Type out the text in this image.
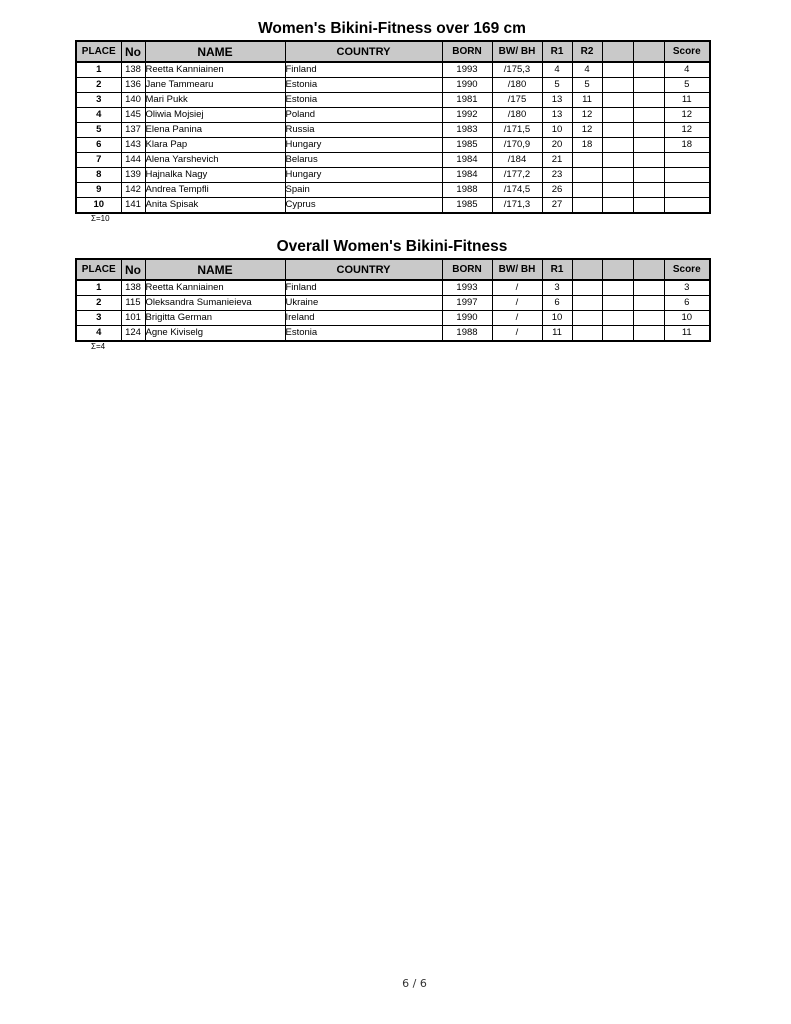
Women's Bikini-Fitness over 169 cm
PLACE	No	NAME	COUNTRY	BORN	BW/ BH	R1	R2			Score
1	138	Reetta Kanniainen	Finland	1993	/175,3	4	4			4
2	136	Jane Tammearu	Estonia	1990	/180	5	5			5
3	140	Mari Pukk	Estonia	1981	/175	13	11			11
4	145	Oliwia Mojsiej	Poland	1992	/180	13	12			12
5	137	Elena Panina	Russia	1983	/171,5	10	12			12
6	143	Klara Pap	Hungary	1985	/170,9	20	18			18
7	144	Alena Yarshevich	Belarus	1984	/184	21				
8	139	Hajnalka Nagy	Hungary	1984	/177,2	23				
9	142	Andrea Tempfli	Spain	1988	/174,5	26				
10	141	Anita Spisak	Cyprus	1985	/171,3	27				
Σ=10
Overall Women's Bikini-Fitness
PLACE	No	NAME	COUNTRY	BORN	BW/ BH	R1				Score
1	138	Reetta Kanniainen	Finland	1993	/	3				3
2	115	Oleksandra Sumanieieva	Ukraine	1997	/	6				6
3	101	Brigitta German	Ireland	1990	/	10				10
4	124	Agne Kiviselg	Estonia	1988	/	11				11
Σ=4
6 / 6
